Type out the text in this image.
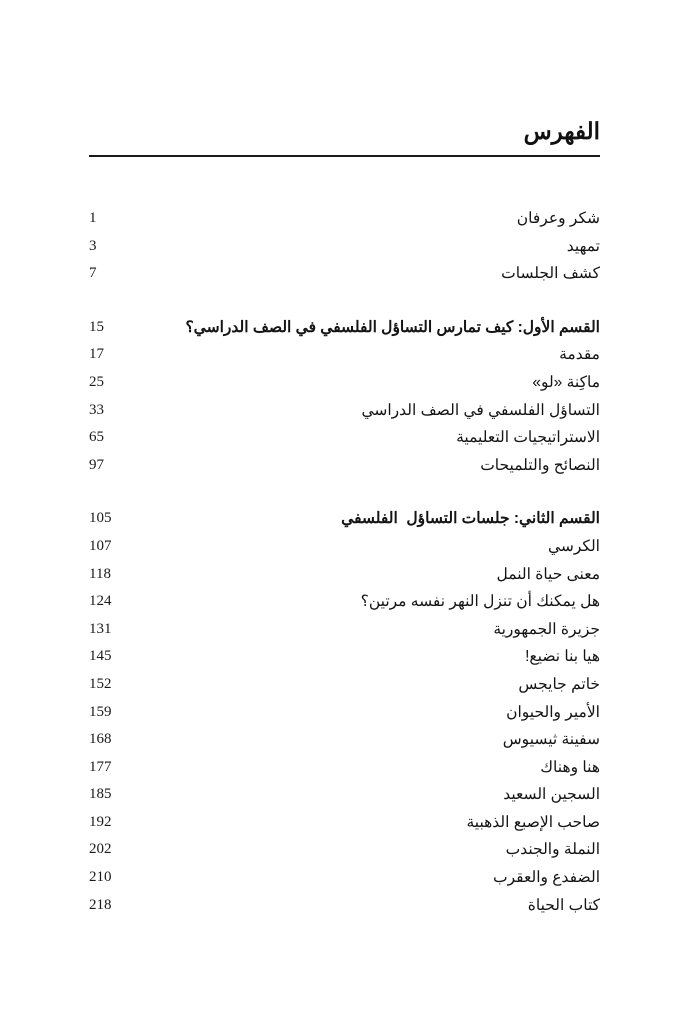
الفهرس
شكر وعرفان
1
تمهيد
3
كشف الجلسات
7
القسم الأول: كيف تمارس التساؤل الفلسفي في الصف الدراسي؟
15
مقدمة
17
ماكِنة «لو»
25
التساؤل الفلسفي في الصف الدراسي
33
الاستراتيجيات التعليمية
65
النصائح والتلميحات
97
القسم الثاني: جلسات التساؤل  الفلسفي
105
الكرسي
107
معنى حياة النمل
118
هل يمكنك أن تنزل النهر نفسه مرتين؟
124
جزيرة الجمهورية
131
هيا بنا نضيع!
145
خاتم جايجس
152
الأمير والحيوان
159
سفينة ثيسيوس
168
هنا وهناك
177
السجين السعيد
185
صاحب الإصبع الذهبية
192
النملة والجندب
202
الضفدع والعقرب
210
كتاب الحياة
218
